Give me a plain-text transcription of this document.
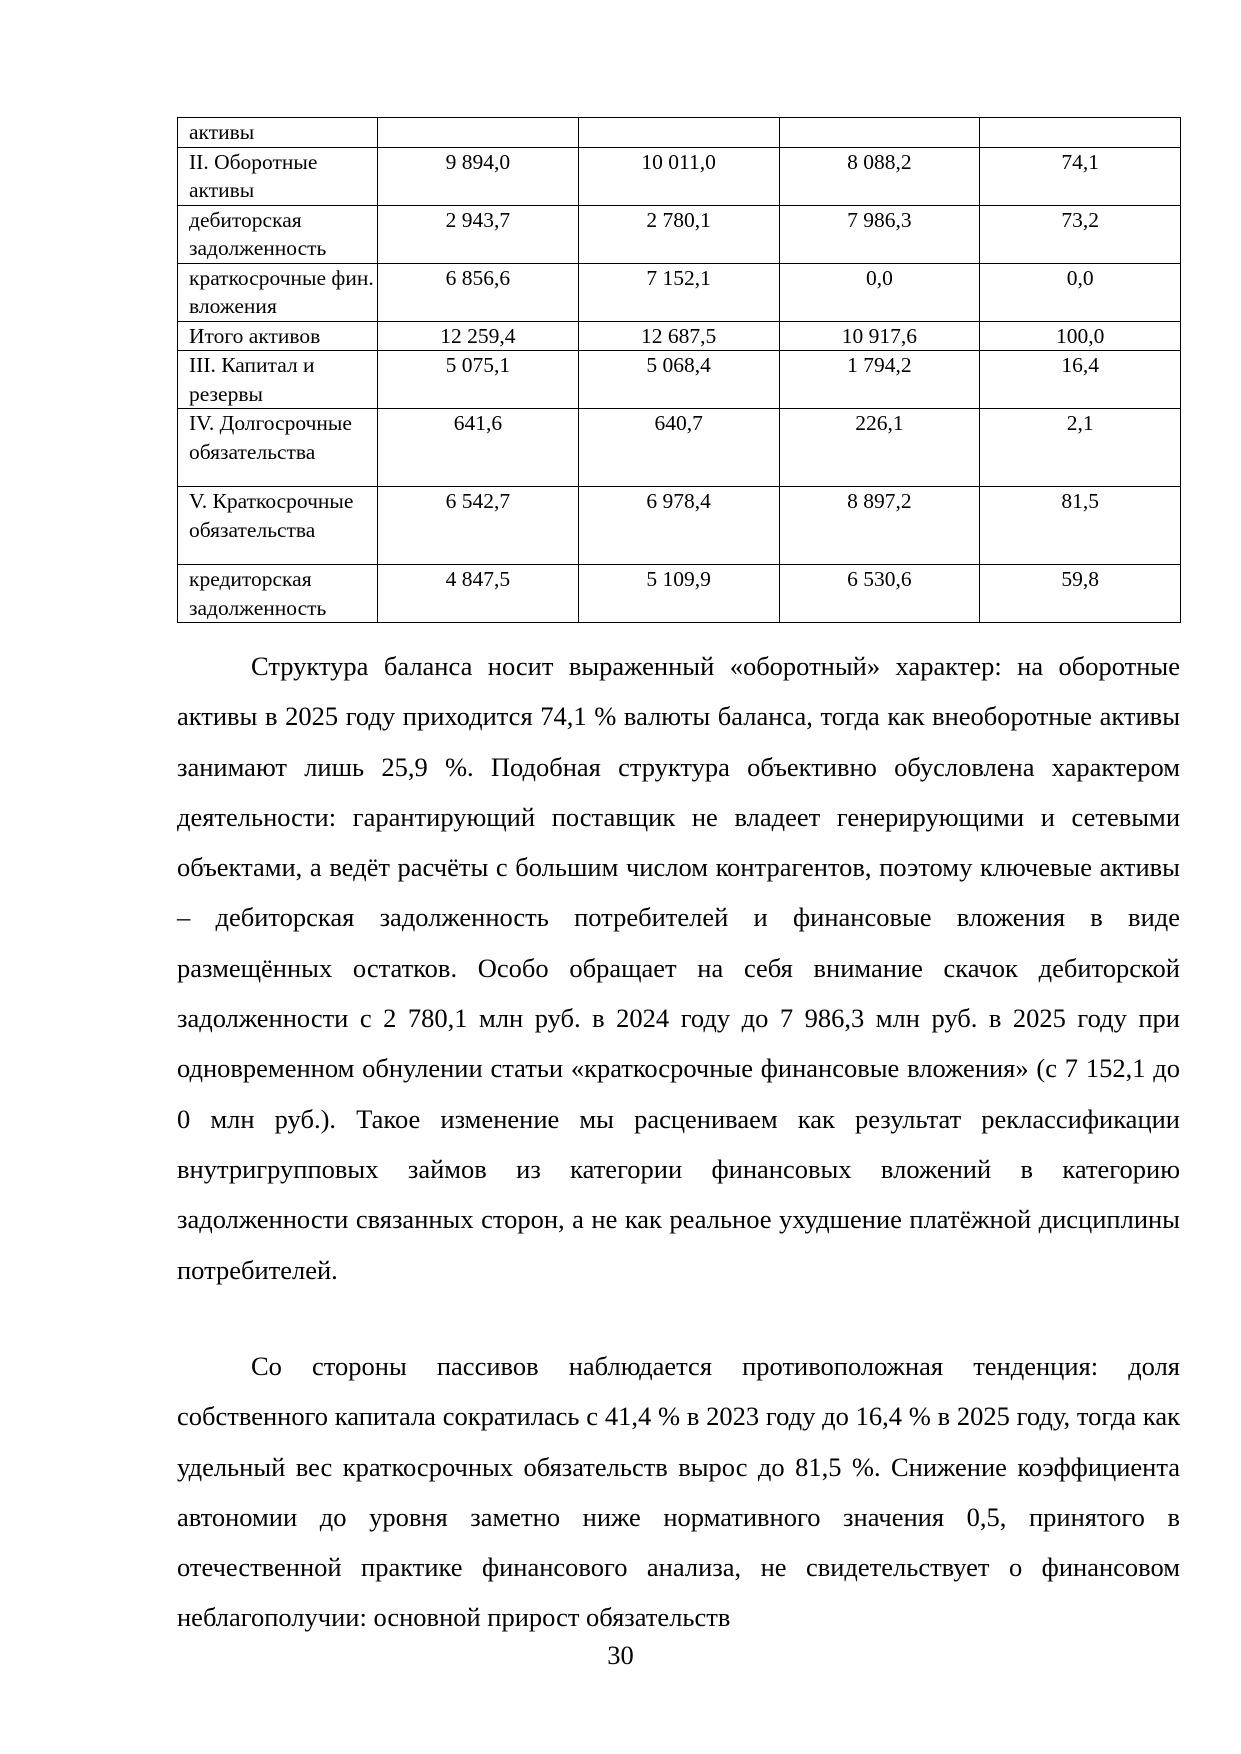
активы				
II. Оборотные активы	9 894,0	10 011,0	8 088,2	74,1
дебиторская задолженность	2 943,7	2 780,1	7 986,3	73,2
краткосрочные фин. вложения	6 856,6	7 152,1	0,0	0,0
Итого активов	12 259,4	12 687,5	10 917,6	100,0
III. Капитал и резервы	5 075,1	5 068,4	1 794,2	16,4
IV. Долгосрочные обязательства	641,6	640,7	226,1	2,1
V. Краткосрочные обязательства	6 542,7	6 978,4	8 897,2	81,5
кредиторская задолженность	4 847,5	5 109,9	6 530,6	59,8

Структура баланса носит выраженный «оборотный» характер: на оборотные активы в 2025 году приходится 74,1 % валюты баланса, тогда как внеоборотные активы занимают лишь 25,9 %. Подобная структура объективно обусловлена характером деятельности: гарантирующий поставщик не владеет генерирующими и сетевыми объектами, а ведёт расчёты с большим числом контрагентов, поэтому ключевые активы – дебиторская задолженность потребителей и финансовые вложения в виде размещённых остатков. Особо обращает на себя внимание скачок дебиторской задолженности с 2 780,1 млн руб. в 2024 году до 7 986,3 млн руб. в 2025 году при одновременном обнулении статьи «краткосрочные финансовые вложения» (с 7 152,1 до 0 млн руб.). Такое изменение мы расцениваем как результат реклассификации внутригрупповых займов из категории финансовых вложений в категорию задолженности связанных сторон, а не как реальное ухудшение платёжной дисциплины потребителей.

Со стороны пассивов наблюдается противоположная тенденция: доля собственного капитала сократилась с 41,4 % в 2023 году до 16,4 % в 2025 году, тогда как удельный вес краткосрочных обязательств вырос до 81,5 %. Снижение коэффициента автономии до уровня заметно ниже нормативного значения 0,5, принятого в отечественной практике финансового анализа, не свидетельствует о финансовом неблагополучии: основной прирост обязательств

30
